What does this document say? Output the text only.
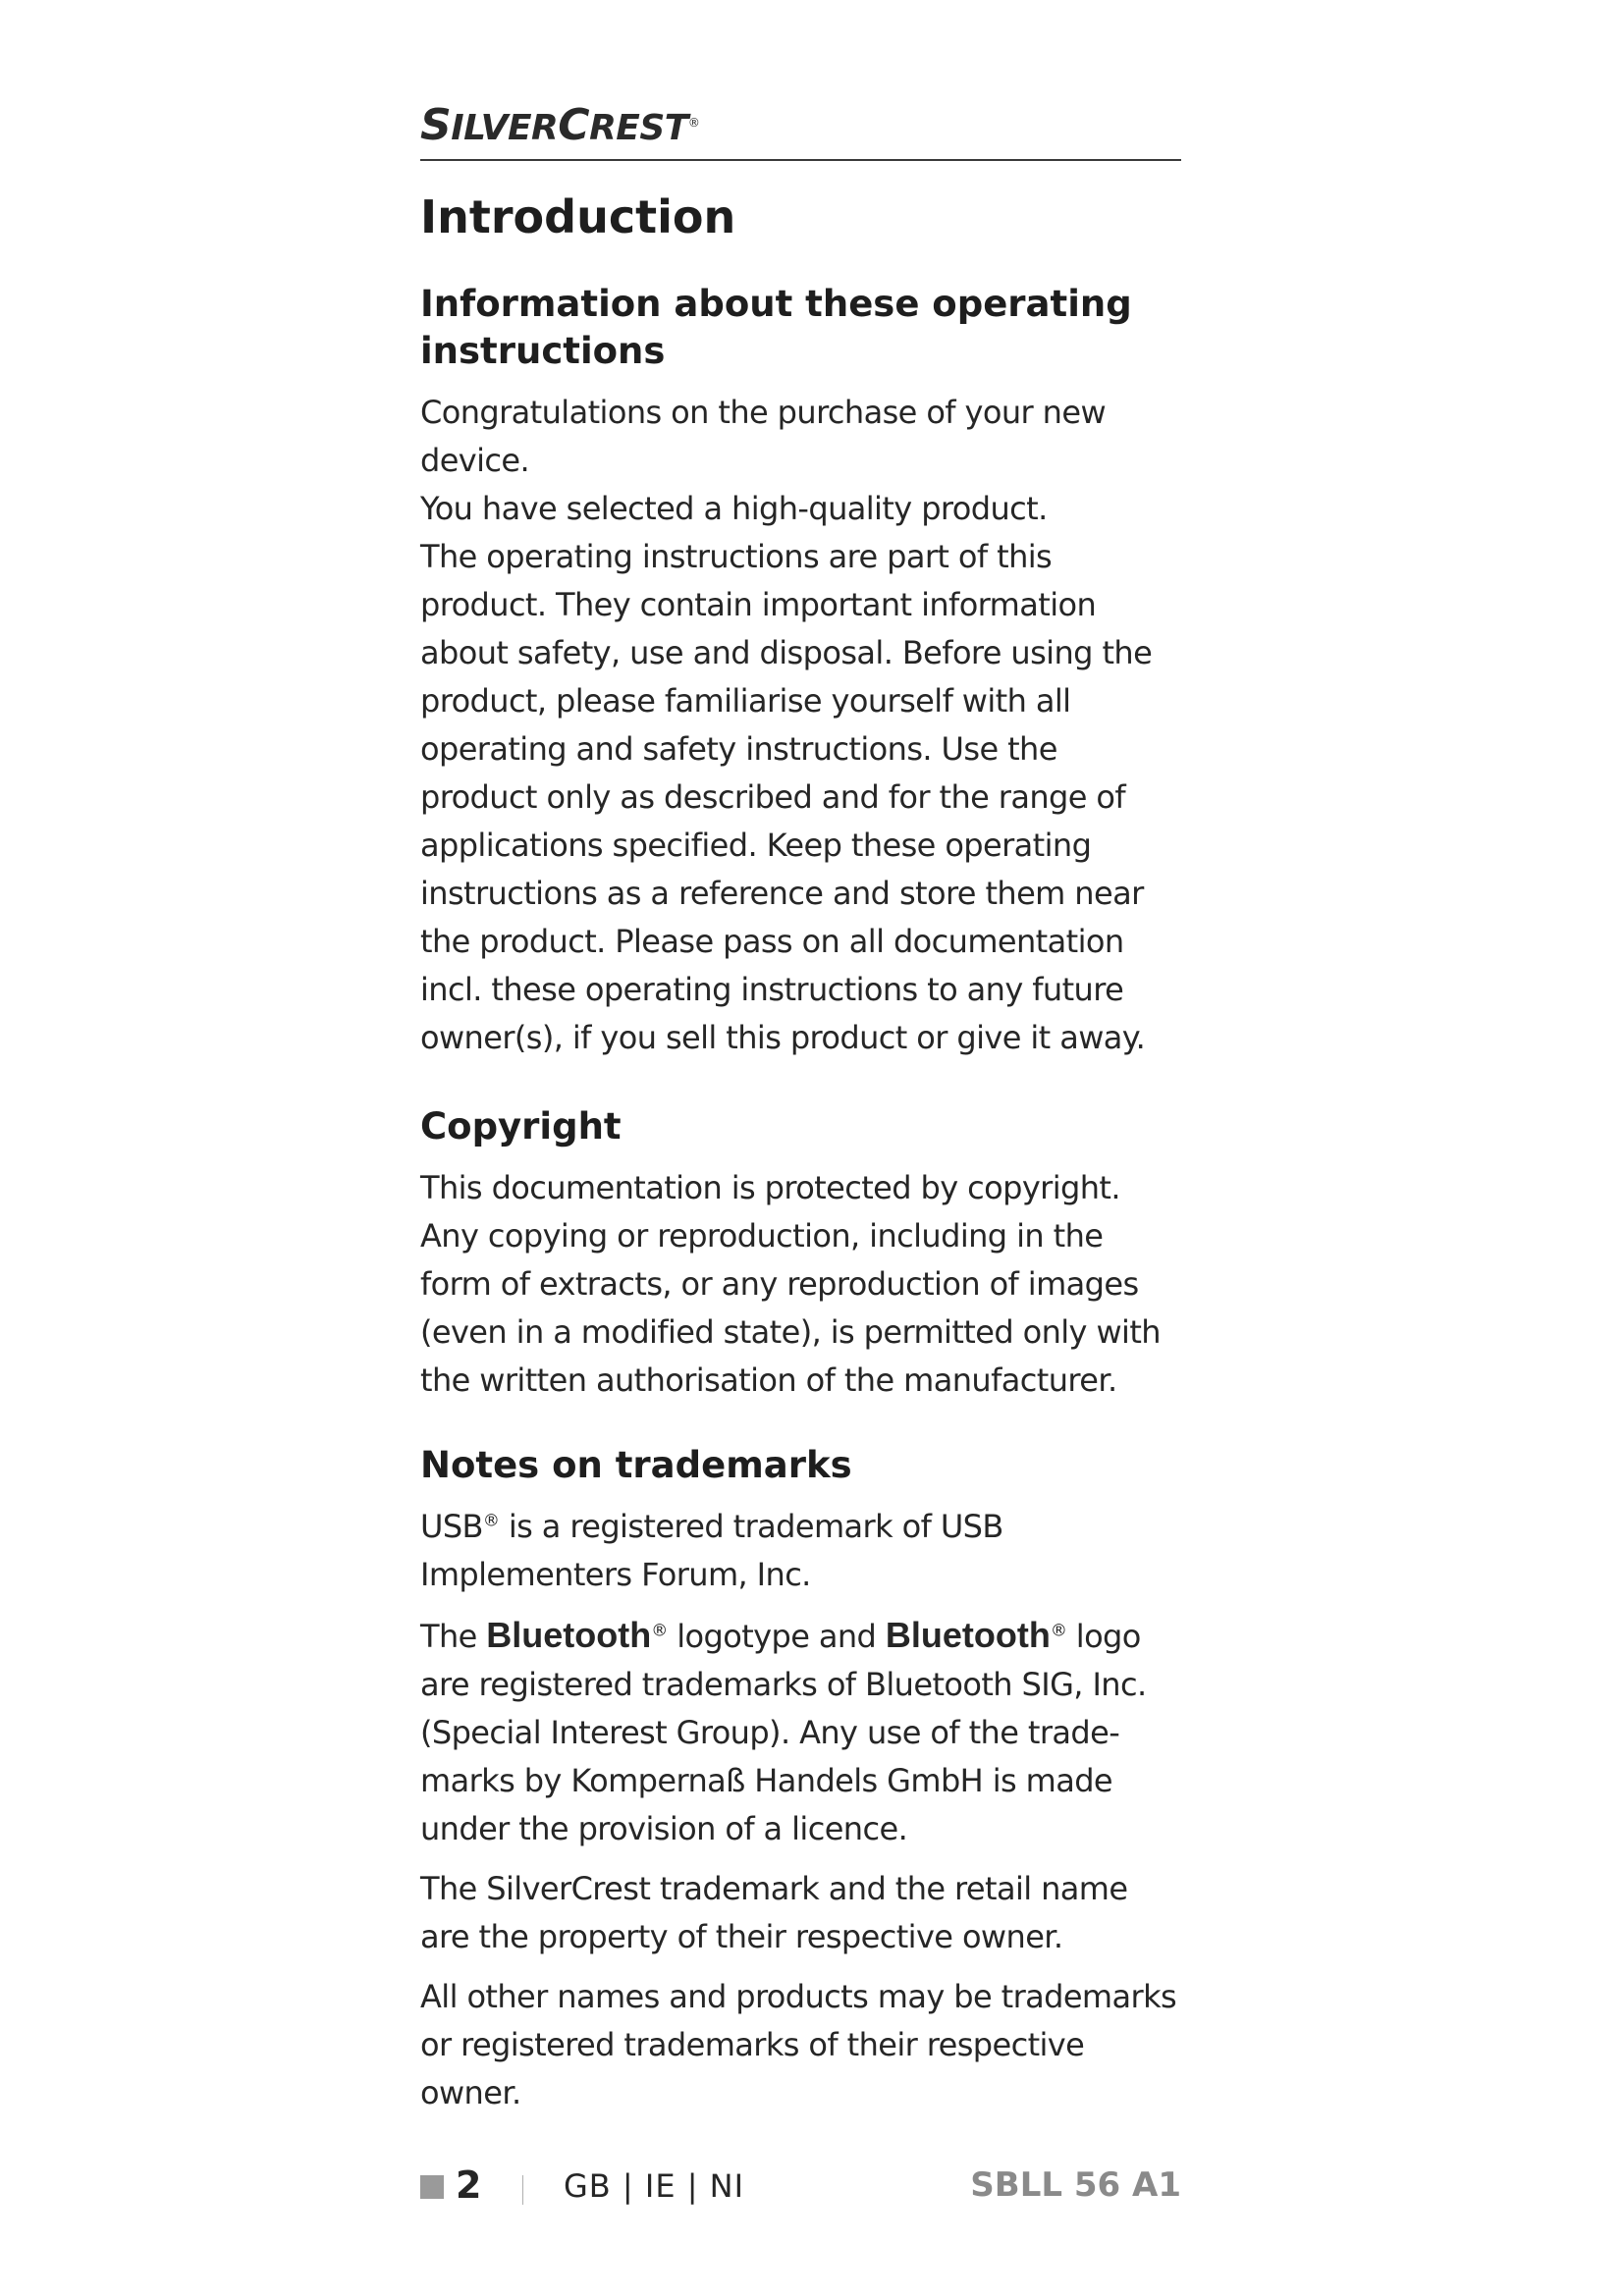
SILVERCREST®
Introduction
Information about these operating instructions

Congratulations on the purchase of your new device.

You have selected a high-quality product.

The operating instructions are part of this product. They contain important information about safety, use and disposal. Before using the product, please familiarise yourself with all operating and safety instructions. Use the product only as described and for the range of applications specified. Keep these operating instructions as a reference and store them near the product. Please pass on all documentation incl. these operating instructions to any future owner(s), if you sell this product or give it away.

Copyright

This documentation is protected by copyright.

Any copying or reproduction, including in the form of extracts, or any reproduction of images (even in a modified state), is permitted only with the written authorisation of the manufacturer.

Notes on trademarks

USB® is a registered trademark of USB Implementers Forum, Inc.

The Bluetooth® logotype and Bluetooth® logo are registered trademarks of Bluetooth SIG, Inc. (Special Interest Group). Any use of the trade-marks by Kompernaß Handels GmbH is made under the provision of a licence.

The SilverCrest trademark and the retail name are the property of their respective owner.

All other names and products may be trademarks or registered trademarks of their respective owner.

2	GB | IE | NI	SBLL 56 A1
